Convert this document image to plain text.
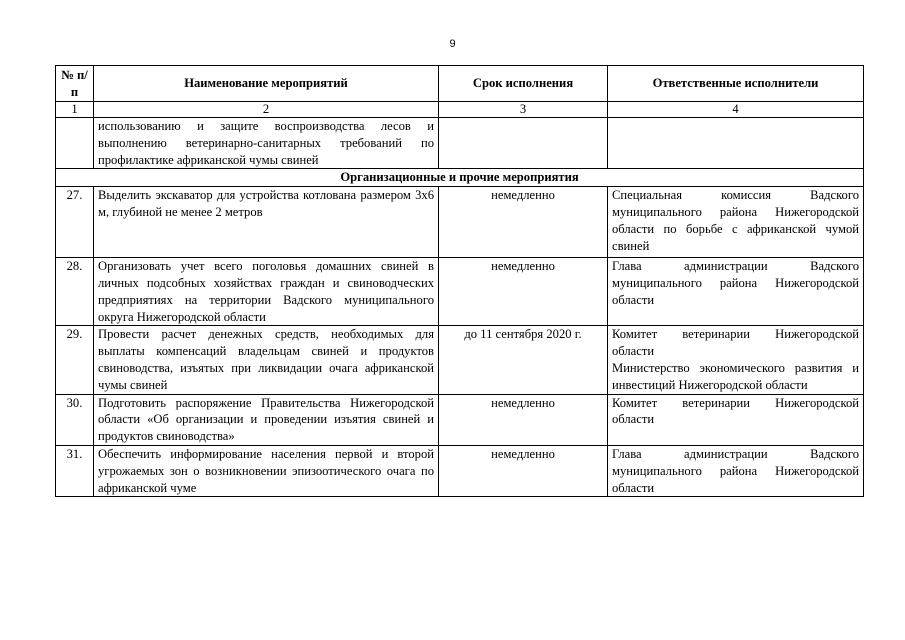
9
№ п/п	Наименование мероприятий	Срок исполнения	Ответственные исполнители
1	2	3	4
	использованию и защите воспроизводства лесов и выполнению ветеринарно-санитарных требований по профилактике африканской чумы свиней		
Организационные и прочие мероприятия			
27.	Выделить экскаватор для устройства котлована размером 3х6 м, глубиной не менее 2 метров	немедленно	Специальная комиссия Вадского муниципального района Нижегородской области по борьбе с африканской чумой свиней

28.	Организовать учет всего поголовья домашних свиней в личных подсобных хозяйствах граждан и свиноводческих предприятиях на территории Вадского муниципального округа Нижегородской области	немедленно	Глава администрации Вадского муниципального района Нижегородской области

29.	Провести расчет денежных средств, необходимых для выплаты компенсаций владельцам свиней и продуктов свиноводства, изъятых при ликвидации очага африканской чумы свиней	до 11 сентября 2020 г.	Комитет ветеринарии Нижегородской области
Министерство экономического развития и инвестиций Нижегородской области

30.	Подготовить распоряжение Правительства Нижегородской области «Об организации и проведении изъятия свиней и продуктов свиноводства»	немедленно	Комитет ветеринарии Нижегородской области

31.	Обеспечить информирование населения первой и второй угрожаемых зон о возникновении эпизоотического очага по африканской чуме	немедленно	Глава администрации Вадского муниципального района Нижегородской области
